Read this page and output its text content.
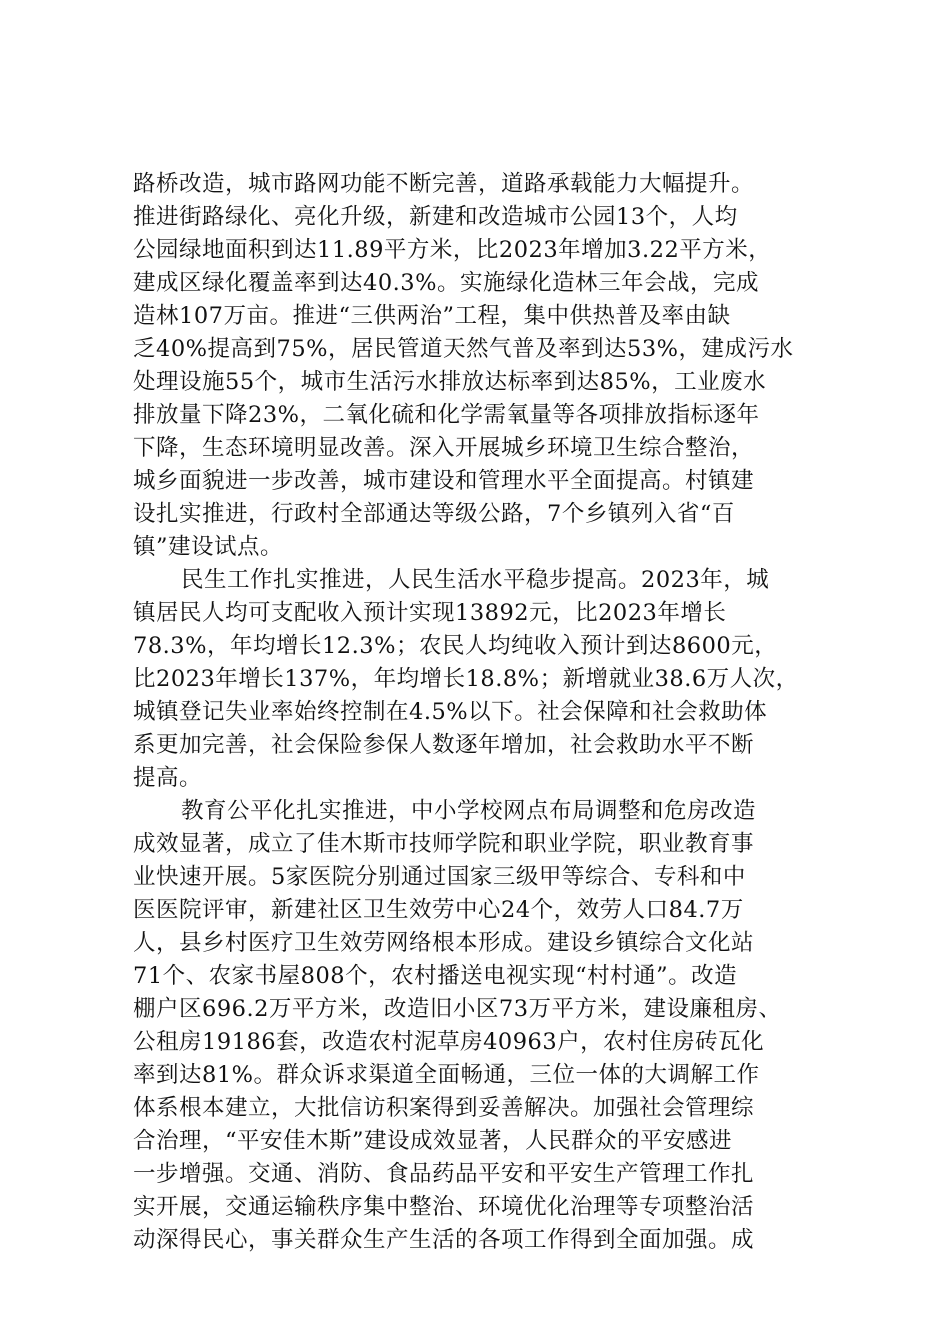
路桥改造，城市路网功能不断完善，道路承载能力大幅提升。
推进街路绿化、亮化升级，新建和改造城市公园13个，人均
公园绿地面积到达11.89平方米，比2023年增加3.22平方米，
建成区绿化覆盖率到达40.3%。实施绿化造林三年会战，完成
造林107万亩。推进“三供两治”工程，集中供热普及率由缺
乏40%提高到75%，居民管道天然气普及率到达53%，建成污水
处理设施55个，城市生活污水排放达标率到达85%，工业废水
排放量下降23%，二氧化硫和化学需氧量等各项排放指标逐年
下降，生态环境明显改善。深入开展城乡环境卫生综合整治，
城乡面貌进一步改善，城市建设和管理水平全面提高。村镇建
设扎实推进，行政村全部通达等级公路，7个乡镇列入省“百
镇”建设试点。
民生工作扎实推进，人民生活水平稳步提高。2023年，城
镇居民人均可支配收入预计实现13892元，比2023年增长
78.3%，年均增长12.3%；农民人均纯收入预计到达8600元，
比2023年增长137%，年均增长18.8%；新增就业38.6万人次，
城镇登记失业率始终控制在4.5%以下。社会保障和社会救助体
系更加完善，社会保险参保人数逐年增加，社会救助水平不断
提高。
教育公平化扎实推进，中小学校网点布局调整和危房改造
成效显著，成立了佳木斯市技师学院和职业学院，职业教育事
业快速开展。5家医院分别通过国家三级甲等综合、专科和中
医医院评审，新建社区卫生效劳中心24个，效劳人口84.7万
人，县乡村医疗卫生效劳网络根本形成。建设乡镇综合文化站
71个、农家书屋808个，农村播送电视实现“村村通”。改造
棚户区696.2万平方米，改造旧小区73万平方米，建设廉租房、
公租房19186套，改造农村泥草房40963户，农村住房砖瓦化
率到达81%。群众诉求渠道全面畅通，三位一体的大调解工作
体系根本建立，大批信访积案得到妥善解决。加强社会管理综
合治理，“平安佳木斯”建设成效显著，人民群众的平安感进
一步增强。交通、消防、食品药品平安和平安生产管理工作扎
实开展，交通运输秩序集中整治、环境优化治理等专项整治活
动深得民心，事关群众生产生活的各项工作得到全面加强。成
